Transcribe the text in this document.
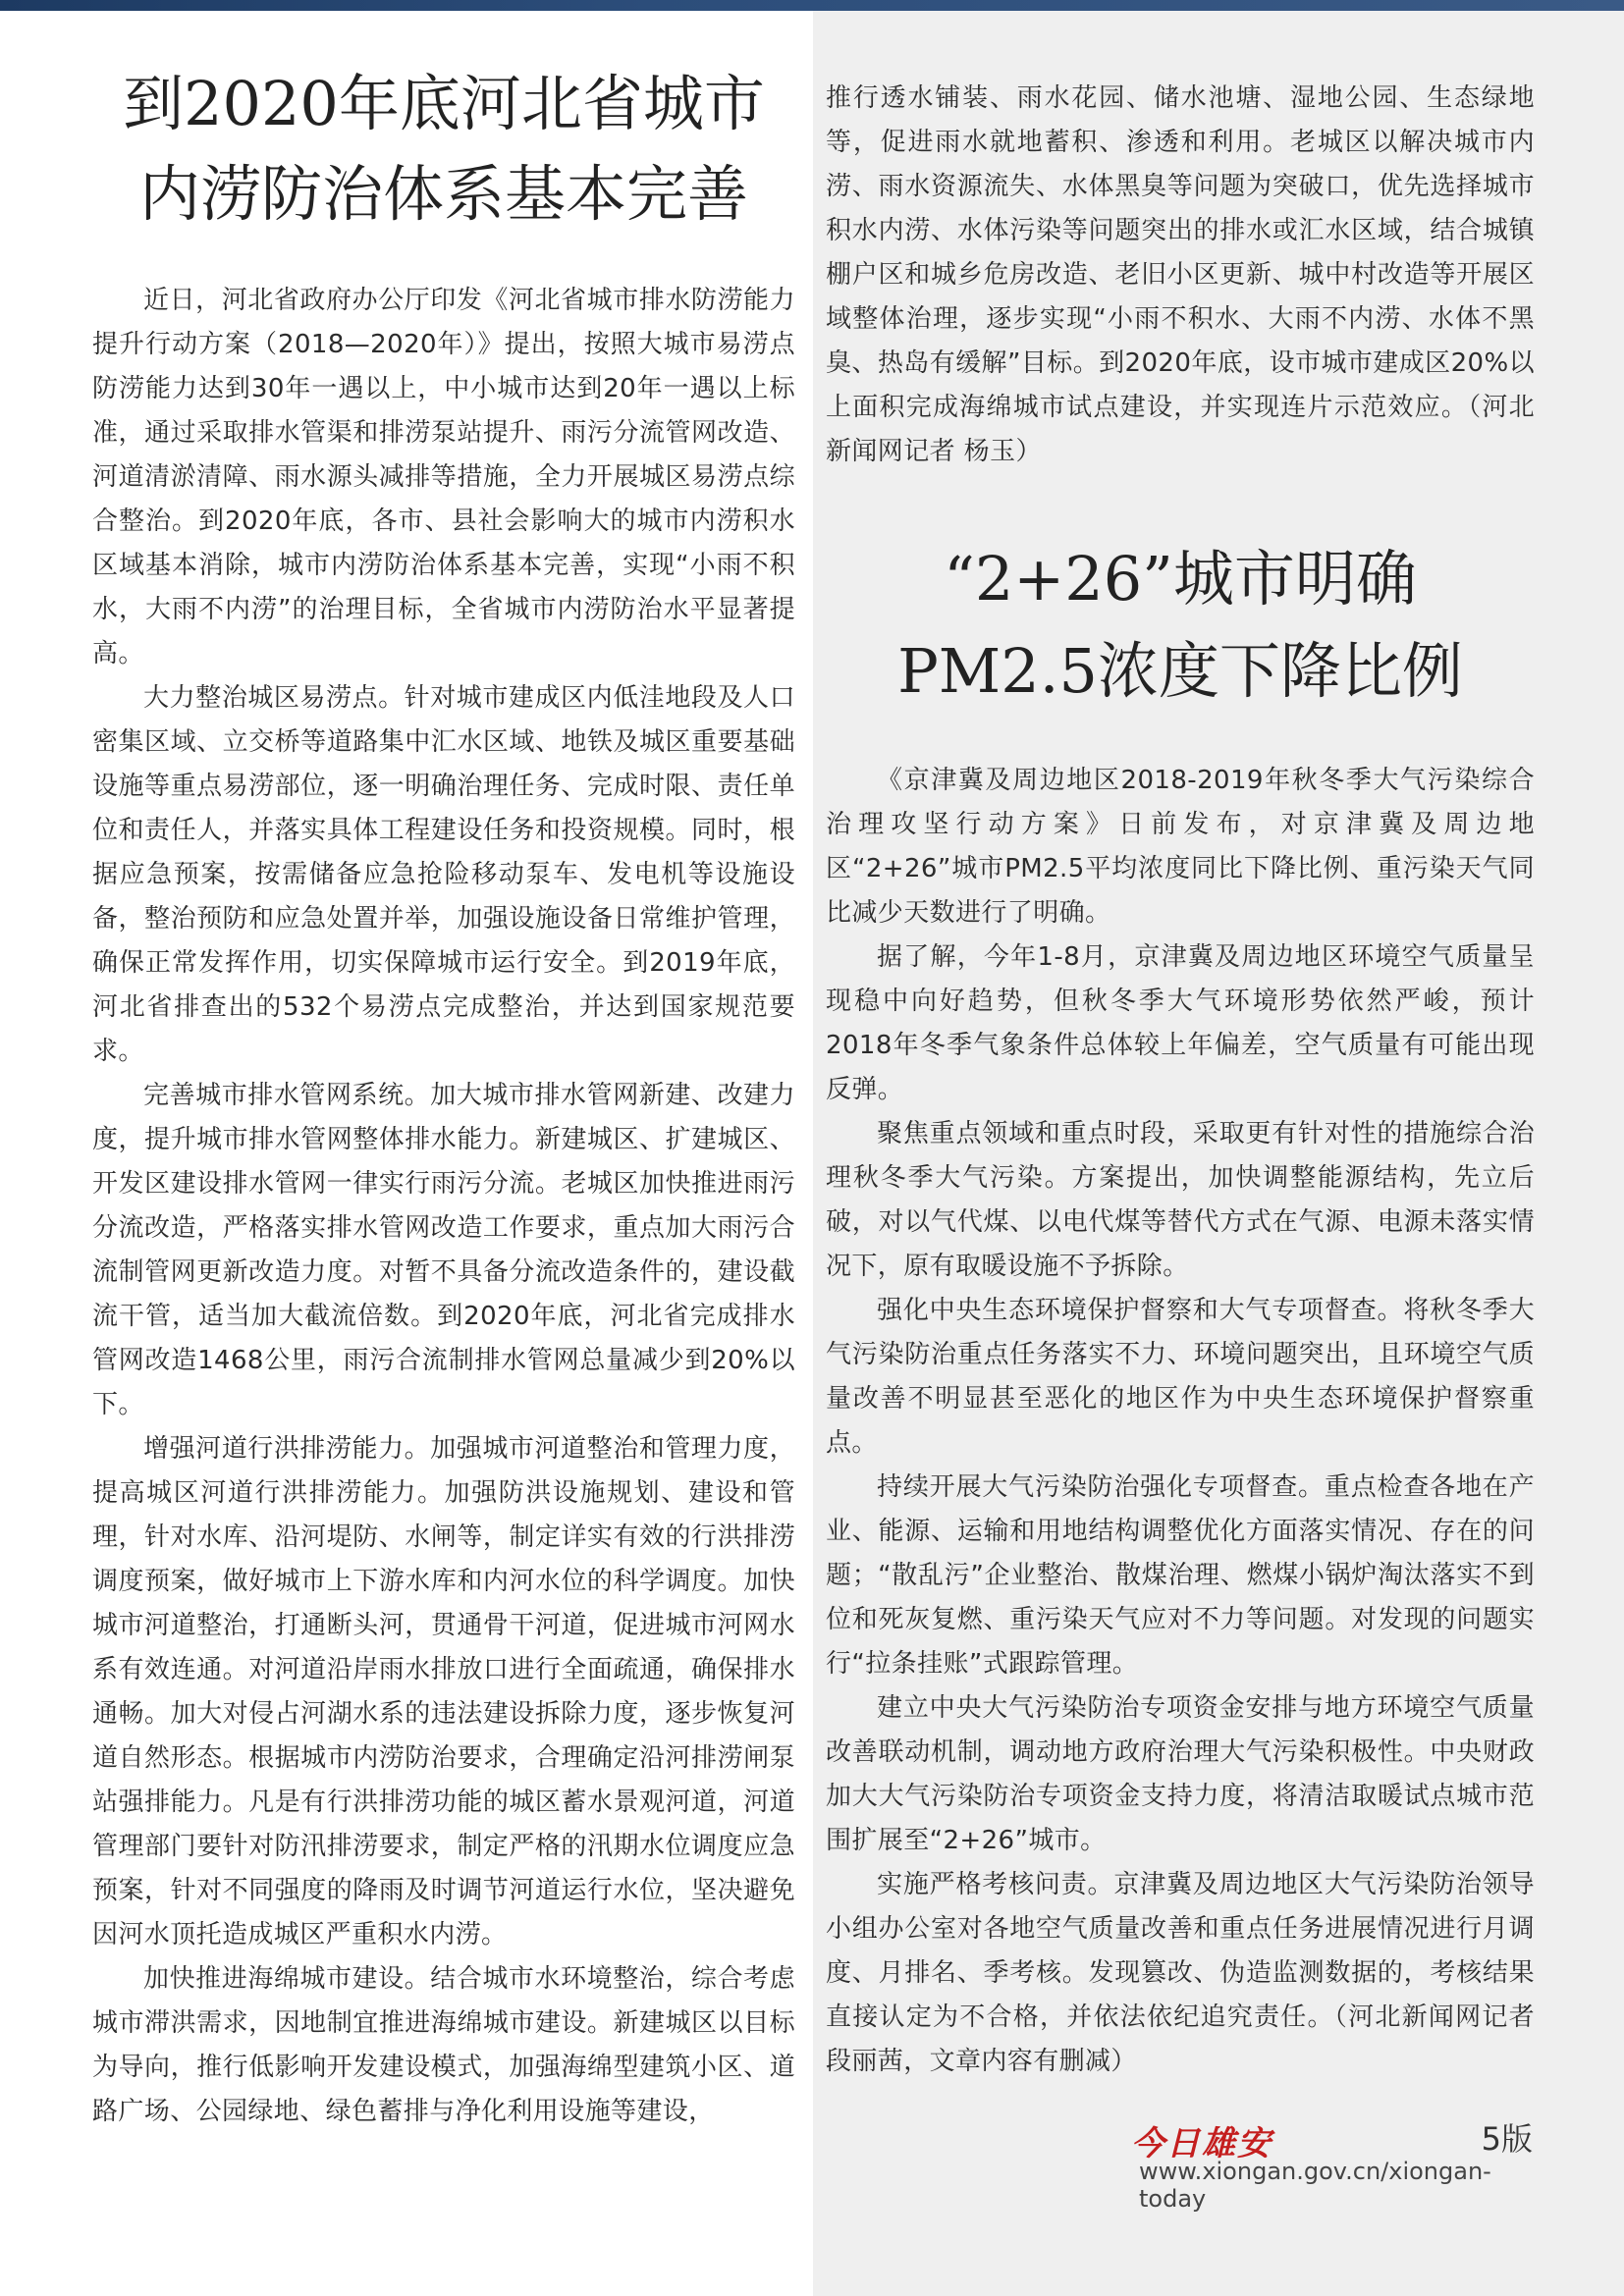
到2020年底河北省城市
内涝防治体系基本完善

近日，河北省政府办公厅印发《河北省城市排水防涝能力提升行动方案（2018—2020年）》提出，按照大城市易涝点防涝能力达到30年一遇以上，中小城市达到20年一遇以上标准，通过采取排水管渠和排涝泵站提升、雨污分流管网改造、河道清淤清障、雨水源头减排等措施，全力开展城区易涝点综合整治。到2020年底，各市、县社会影响大的城市内涝积水区域基本消除，城市内涝防治体系基本完善，实现“小雨不积水，大雨不内涝”的治理目标，全省城市内涝防治水平显著提高。

大力整治城区易涝点。针对城市建成区内低洼地段及人口密集区域、立交桥等道路集中汇水区域、地铁及城区重要基础设施等重点易涝部位，逐一明确治理任务、完成时限、责任单位和责任人，并落实具体工程建设任务和投资规模。同时，根据应急预案，按需储备应急抢险移动泵车、发电机等设施设备，整治预防和应急处置并举，加强设施设备日常维护管理，确保正常发挥作用，切实保障城市运行安全。到2019年底，河北省排查出的532个易涝点完成整治，并达到国家规范要求。

完善城市排水管网系统。加大城市排水管网新建、改建力度，提升城市排水管网整体排水能力。新建城区、扩建城区、开发区建设排水管网一律实行雨污分流。老城区加快推进雨污分流改造，严格落实排水管网改造工作要求，重点加大雨污合流制管网更新改造力度。对暂不具备分流改造条件的，建设截流干管，适当加大截流倍数。到2020年底，河北省完成排水管网改造1468公里，雨污合流制排水管网总量减少到20%以下。

增强河道行洪排涝能力。加强城市河道整治和管理力度，提高城区河道行洪排涝能力。加强防洪设施规划、建设和管理，针对水库、沿河堤防、水闸等，制定详实有效的行洪排涝调度预案，做好城市上下游水库和内河水位的科学调度。加快城市河道整治，打通断头河，贯通骨干河道，促进城市河网水系有效连通。对河道沿岸雨水排放口进行全面疏通，确保排水通畅。加大对侵占河湖水系的违法建设拆除力度，逐步恢复河道自然形态。根据城市内涝防治要求，合理确定沿河排涝闸泵站强排能力。凡是有行洪排涝功能的城区蓄水景观河道，河道管理部门要针对防汛排涝要求，制定严格的汛期水位调度应急预案，针对不同强度的降雨及时调节河道运行水位，坚决避免因河水顶托造成城区严重积水内涝。

加快推进海绵城市建设。结合城市水环境整治，综合考虑城市滞洪需求，因地制宜推进海绵城市建设。新建城区以目标为导向，推行低影响开发建设模式，加强海绵型建筑小区、道路广场、公园绿地、绿色蓄排与净化利用设施等建设，

推行透水铺装、雨水花园、储水池塘、湿地公园、生态绿地等，促进雨水就地蓄积、渗透和利用。老城区以解决城市内涝、雨水资源流失、水体黑臭等问题为突破口，优先选择城市积水内涝、水体污染等问题突出的排水或汇水区域，结合城镇棚户区和城乡危房改造、老旧小区更新、城中村改造等开展区域整体治理，逐步实现“小雨不积水、大雨不内涝、水体不黑臭、热岛有缓解”目标。到2020年底，设市城市建成区20%以上面积完成海绵城市试点建设，并实现连片示范效应。（河北新闻网记者 杨玉）

“2+26”城市明确
PM2.5浓度下降比例

《京津冀及周边地区2018-2019年秋冬季大气污染综合治理攻坚行动方案》日前发布，对京津冀及周边地区“2+26”城市PM2.5平均浓度同比下降比例、重污染天气同比减少天数进行了明确。

据了解，今年1-8月，京津冀及周边地区环境空气质量呈现稳中向好趋势，但秋冬季大气环境形势依然严峻，预计2018年冬季气象条件总体较上年偏差，空气质量有可能出现反弹。

聚焦重点领域和重点时段，采取更有针对性的措施综合治理秋冬季大气污染。方案提出，加快调整能源结构，先立后破，对以气代煤、以电代煤等替代方式在气源、电源未落实情况下，原有取暖设施不予拆除。

强化中央生态环境保护督察和大气专项督查。将秋冬季大气污染防治重点任务落实不力、环境问题突出，且环境空气质量改善不明显甚至恶化的地区作为中央生态环境保护督察重点。

持续开展大气污染防治强化专项督查。重点检查各地在产业、能源、运输和用地结构调整优化方面落实情况、存在的问题；“散乱污”企业整治、散煤治理、燃煤小锅炉淘汰落实不到位和死灰复燃、重污染天气应对不力等问题。对发现的问题实行“拉条挂账”式跟踪管理。

建立中央大气污染防治专项资金安排与地方环境空气质量改善联动机制，调动地方政府治理大气污染积极性。中央财政加大大气污染防治专项资金支持力度，将清洁取暖试点城市范围扩展至“2+26”城市。

实施严格考核问责。京津冀及周边地区大气污染防治领导小组办公室对各地空气质量改善和重点任务进展情况进行月调度、月排名、季考核。发现篡改、伪造监测数据的，考核结果直接认定为不合格，并依法依纪追究责任。（河北新闻网记者 段丽茜，文章内容有删减）

今日雄安	5版
www.xiongan.gov.cn/xiongan-today
